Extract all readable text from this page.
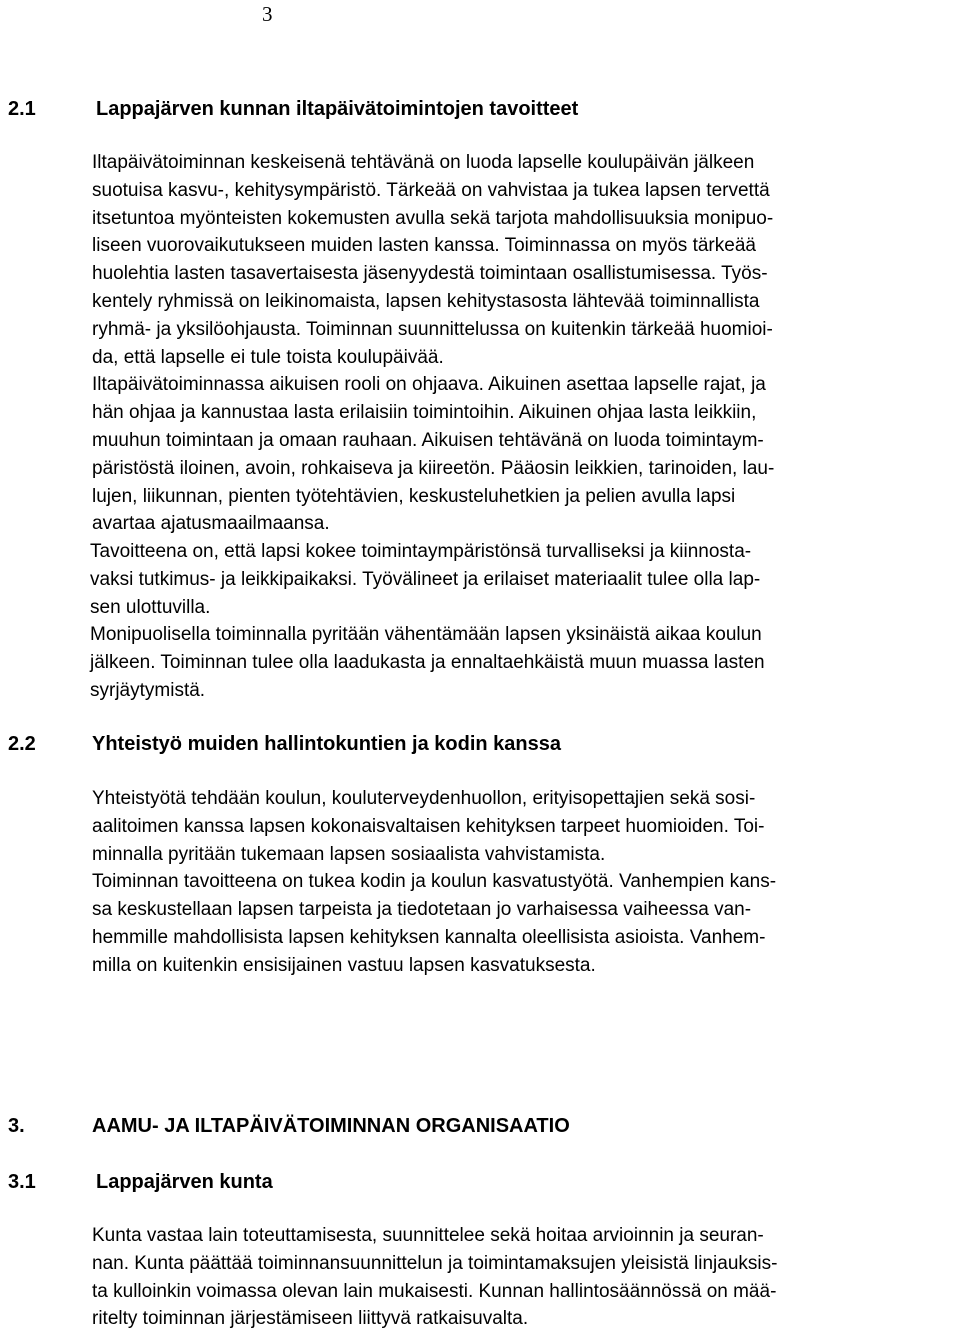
3
2.1	Lappajärven kunnan iltapäivätoimintojen tavoitteet
Iltapäivätoiminnan keskeisenä tehtävänä on luoda lapselle koulupäivän jälkeen
suotuisa kasvu-, kehitysympäristö. Tärkeää on vahvistaa ja tukea lapsen tervettä
itsetuntoa myönteisten kokemusten avulla sekä tarjota mahdollisuuksia monipuo-
liseen vuorovaikutukseen muiden lasten kanssa. Toiminnassa on myös tärkeää
huolehtia lasten tasavertaisesta jäsenyydestä toimintaan osallistumisessa. Työs-
kentely ryhmissä on leikinomaista, lapsen kehitystasosta lähtevää toiminnallista
ryhmä- ja yksilöohjausta. Toiminnan suunnittelussa on kuitenkin tärkeää huomioi-
da, että lapselle ei tule toista koulupäivää.
Iltapäivätoiminnassa aikuisen rooli on ohjaava. Aikuinen asettaa lapselle rajat, ja
hän ohjaa ja kannustaa lasta erilaisiin toimintoihin. Aikuinen ohjaa lasta leikkiin,
muuhun toimintaan ja omaan rauhaan. Aikuisen tehtävänä on luoda toimintaym-
päristöstä iloinen, avoin, rohkaiseva ja kiireetön. Pääosin leikkien, tarinoiden, lau-
lujen, liikunnan, pienten työtehtävien, keskusteluhetkien ja pelien avulla lapsi
avartaa ajatusmaailmaansa.
Tavoitteena on, että lapsi kokee toimintaympäristönsä turvalliseksi ja kiinnosta-
vaksi tutkimus- ja leikkipaikaksi. Työvälineet ja erilaiset materiaalit tulee olla lap-
sen ulottuvilla.
Monipuolisella toiminnalla pyritään vähentämään lapsen yksinäistä aikaa koulun
jälkeen. Toiminnan tulee olla laadukasta ja ennaltaehkäistä muun muassa lasten
syrjäytymistä.
2.2	Yhteistyö muiden hallintokuntien ja kodin kanssa
Yhteistyötä tehdään koulun, kouluterveydenhuollon, erityisopettajien sekä sosi-
aalitoimen kanssa lapsen kokonaisvaltaisen kehityksen tarpeet huomioiden. Toi-
minnalla pyritään tukemaan lapsen sosiaalista vahvistamista.
Toiminnan tavoitteena on tukea kodin ja koulun kasvatustyötä. Vanhempien kans-
sa keskustellaan lapsen tarpeista ja tiedotetaan jo varhaisessa vaiheessa van-
hemmille mahdollisista lapsen kehityksen kannalta oleellisista asioista. Vanhem-
milla on kuitenkin ensisijainen vastuu lapsen kasvatuksesta.
3.	AAMU- JA ILTAPÄIVÄTOIMINNAN ORGANISAATIO
3.1	Lappajärven kunta
Kunta vastaa lain toteuttamisesta, suunnittelee sekä hoitaa arvioinnin ja seuran-
nan. Kunta päättää toiminnansuunnittelun ja toimintamaksujen yleisistä linjauksis-
ta kulloinkin voimassa olevan lain mukaisesti. Kunnan hallintosäännössä on mää-
ritelty toiminnan järjestämiseen liittyvä ratkaisuvalta.
